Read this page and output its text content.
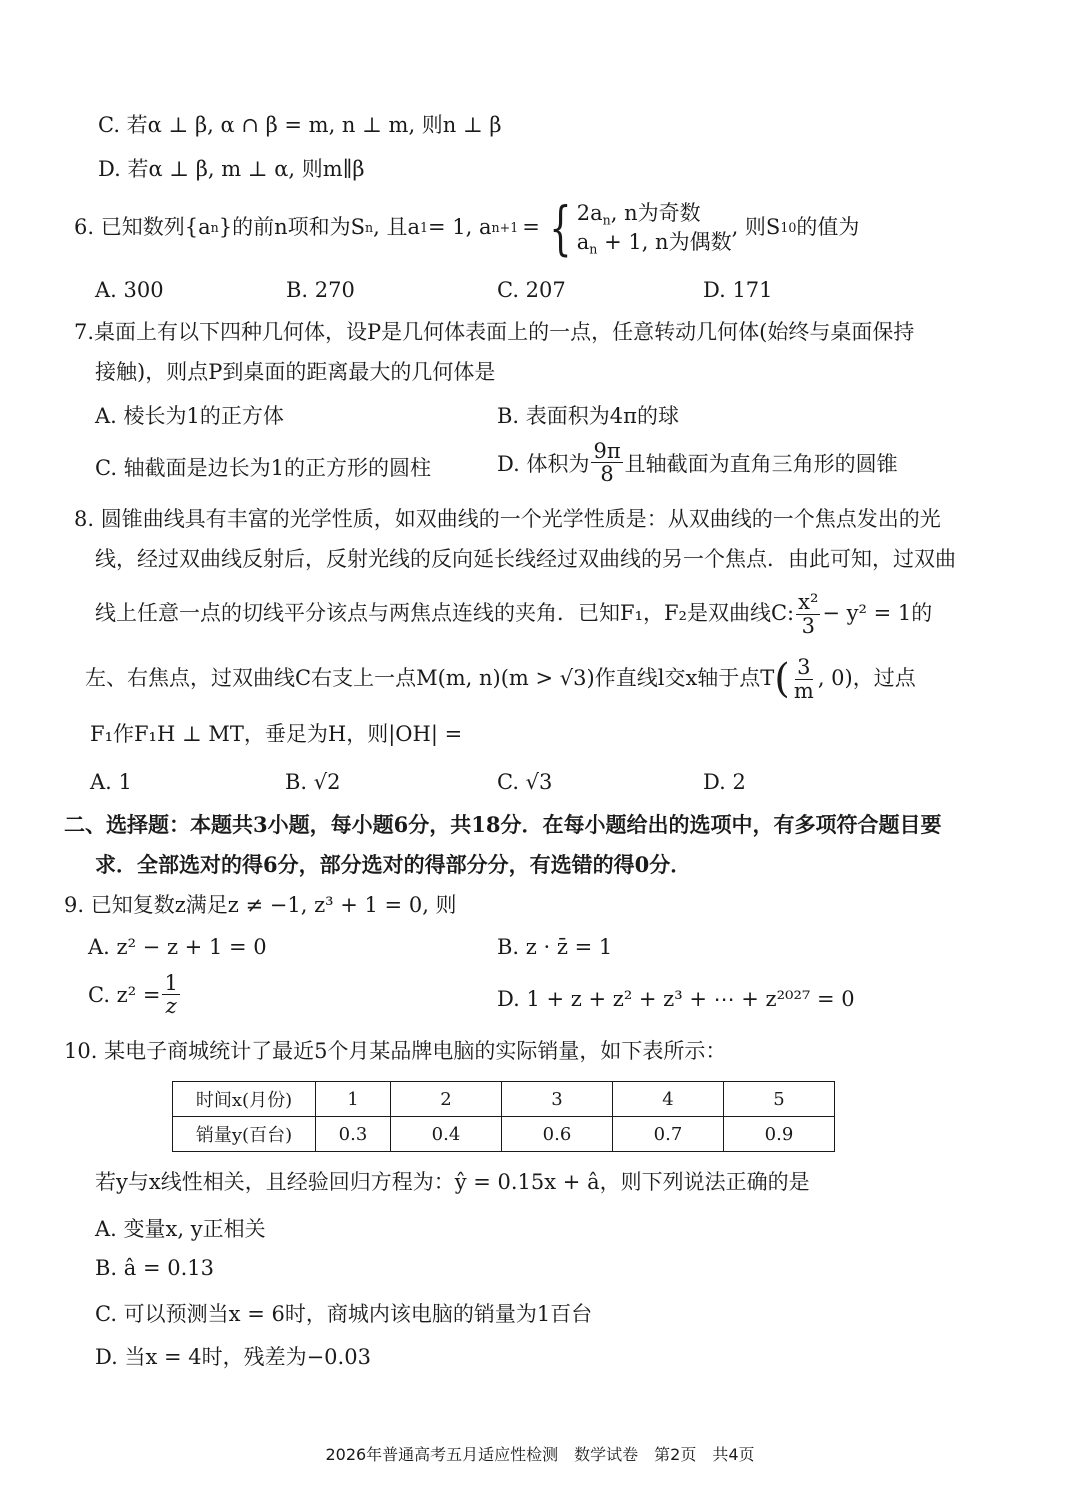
C. 若α ⊥ β, α ∩ β = m, n ⊥ m, 则n ⊥ β
D. 若α ⊥ β, m ⊥ α, 则m∥β
6. 已知数列{a n }的前n项和为S n , 且a 1 = 1, a n+1 = { $2a_n$, n为奇数
$a_n + 1$, n为偶数
, 则S 10 的值为
A. 300	B. 270	C. 207	D. 171
7.桌面上有以下四种几何体，设P是几何体表面上的一点，任意转动几何体(始终与桌面保持
接触)，则点P到桌面的距离最大的几何体是
A. 棱长为1的正方体	B. 表面积为4π的球
C. 轴截面是边长为1的正方形的圆柱	D. 体积为 $\frac{9\pi}{8}$ 且轴截面为直角三角形的圆锥
8. 圆锥曲线具有丰富的光学性质，如双曲线的一个光学性质是：从双曲线的一个焦点发出的光
线，经过双曲线反射后，反射光线的反向延长线经过双曲线的另一个焦点．由此可知，过双曲
线上任意一点的切线平分该点与两焦点连线的夹角．已知F₁，F₂是双曲线C: $\frac{\text{x²}}{3} - y^2 = 1$的
左、右焦点，过双曲线C右支上一点M(m, n)(m > √3)作直线l交x轴于点T ( $\frac{3}{m}$ , 0)，过点
F₁作F₁H ⊥ MT，垂足为H，则|OH| =
A. 1	B. √2	C. √3	D. 2
二、选择题：本题共3小题，每小题6分，共18分．在每小题给出的选项中，有多项符合题目要
求．全部选对的得6分，部分选对的得部分分，有选错的得0分．
9. 已知复数z满足z ≠ −1, z³ + 1 = 0, 则
A. z² − z + 1 = 0	B. z · z̄ = 1
C. $z^2 = \frac{1}{z}$	D. 1 + z + z² + z³ + ⋯ + z²⁰²⁷ = 0
10. 某电子商城统计了最近5个月某品牌电脑的实际销量，如下表所示：
时间x(月份)	1	2	3	4	5
销量y(百台)	0.3	0.4	0.6	0.7	0.9
若y与x线性相关，且经验回归方程为：ŷ = 0.15x + â，则下列说法正确的是
A. 变量x, y正相关
B. â = 0.13
C. 可以预测当x = 6时，商城内该电脑的销量为1百台
D. 当x = 4时，残差为−0.03
2026年普通高考五月适应性检测　数学试卷　第2页　共4页
